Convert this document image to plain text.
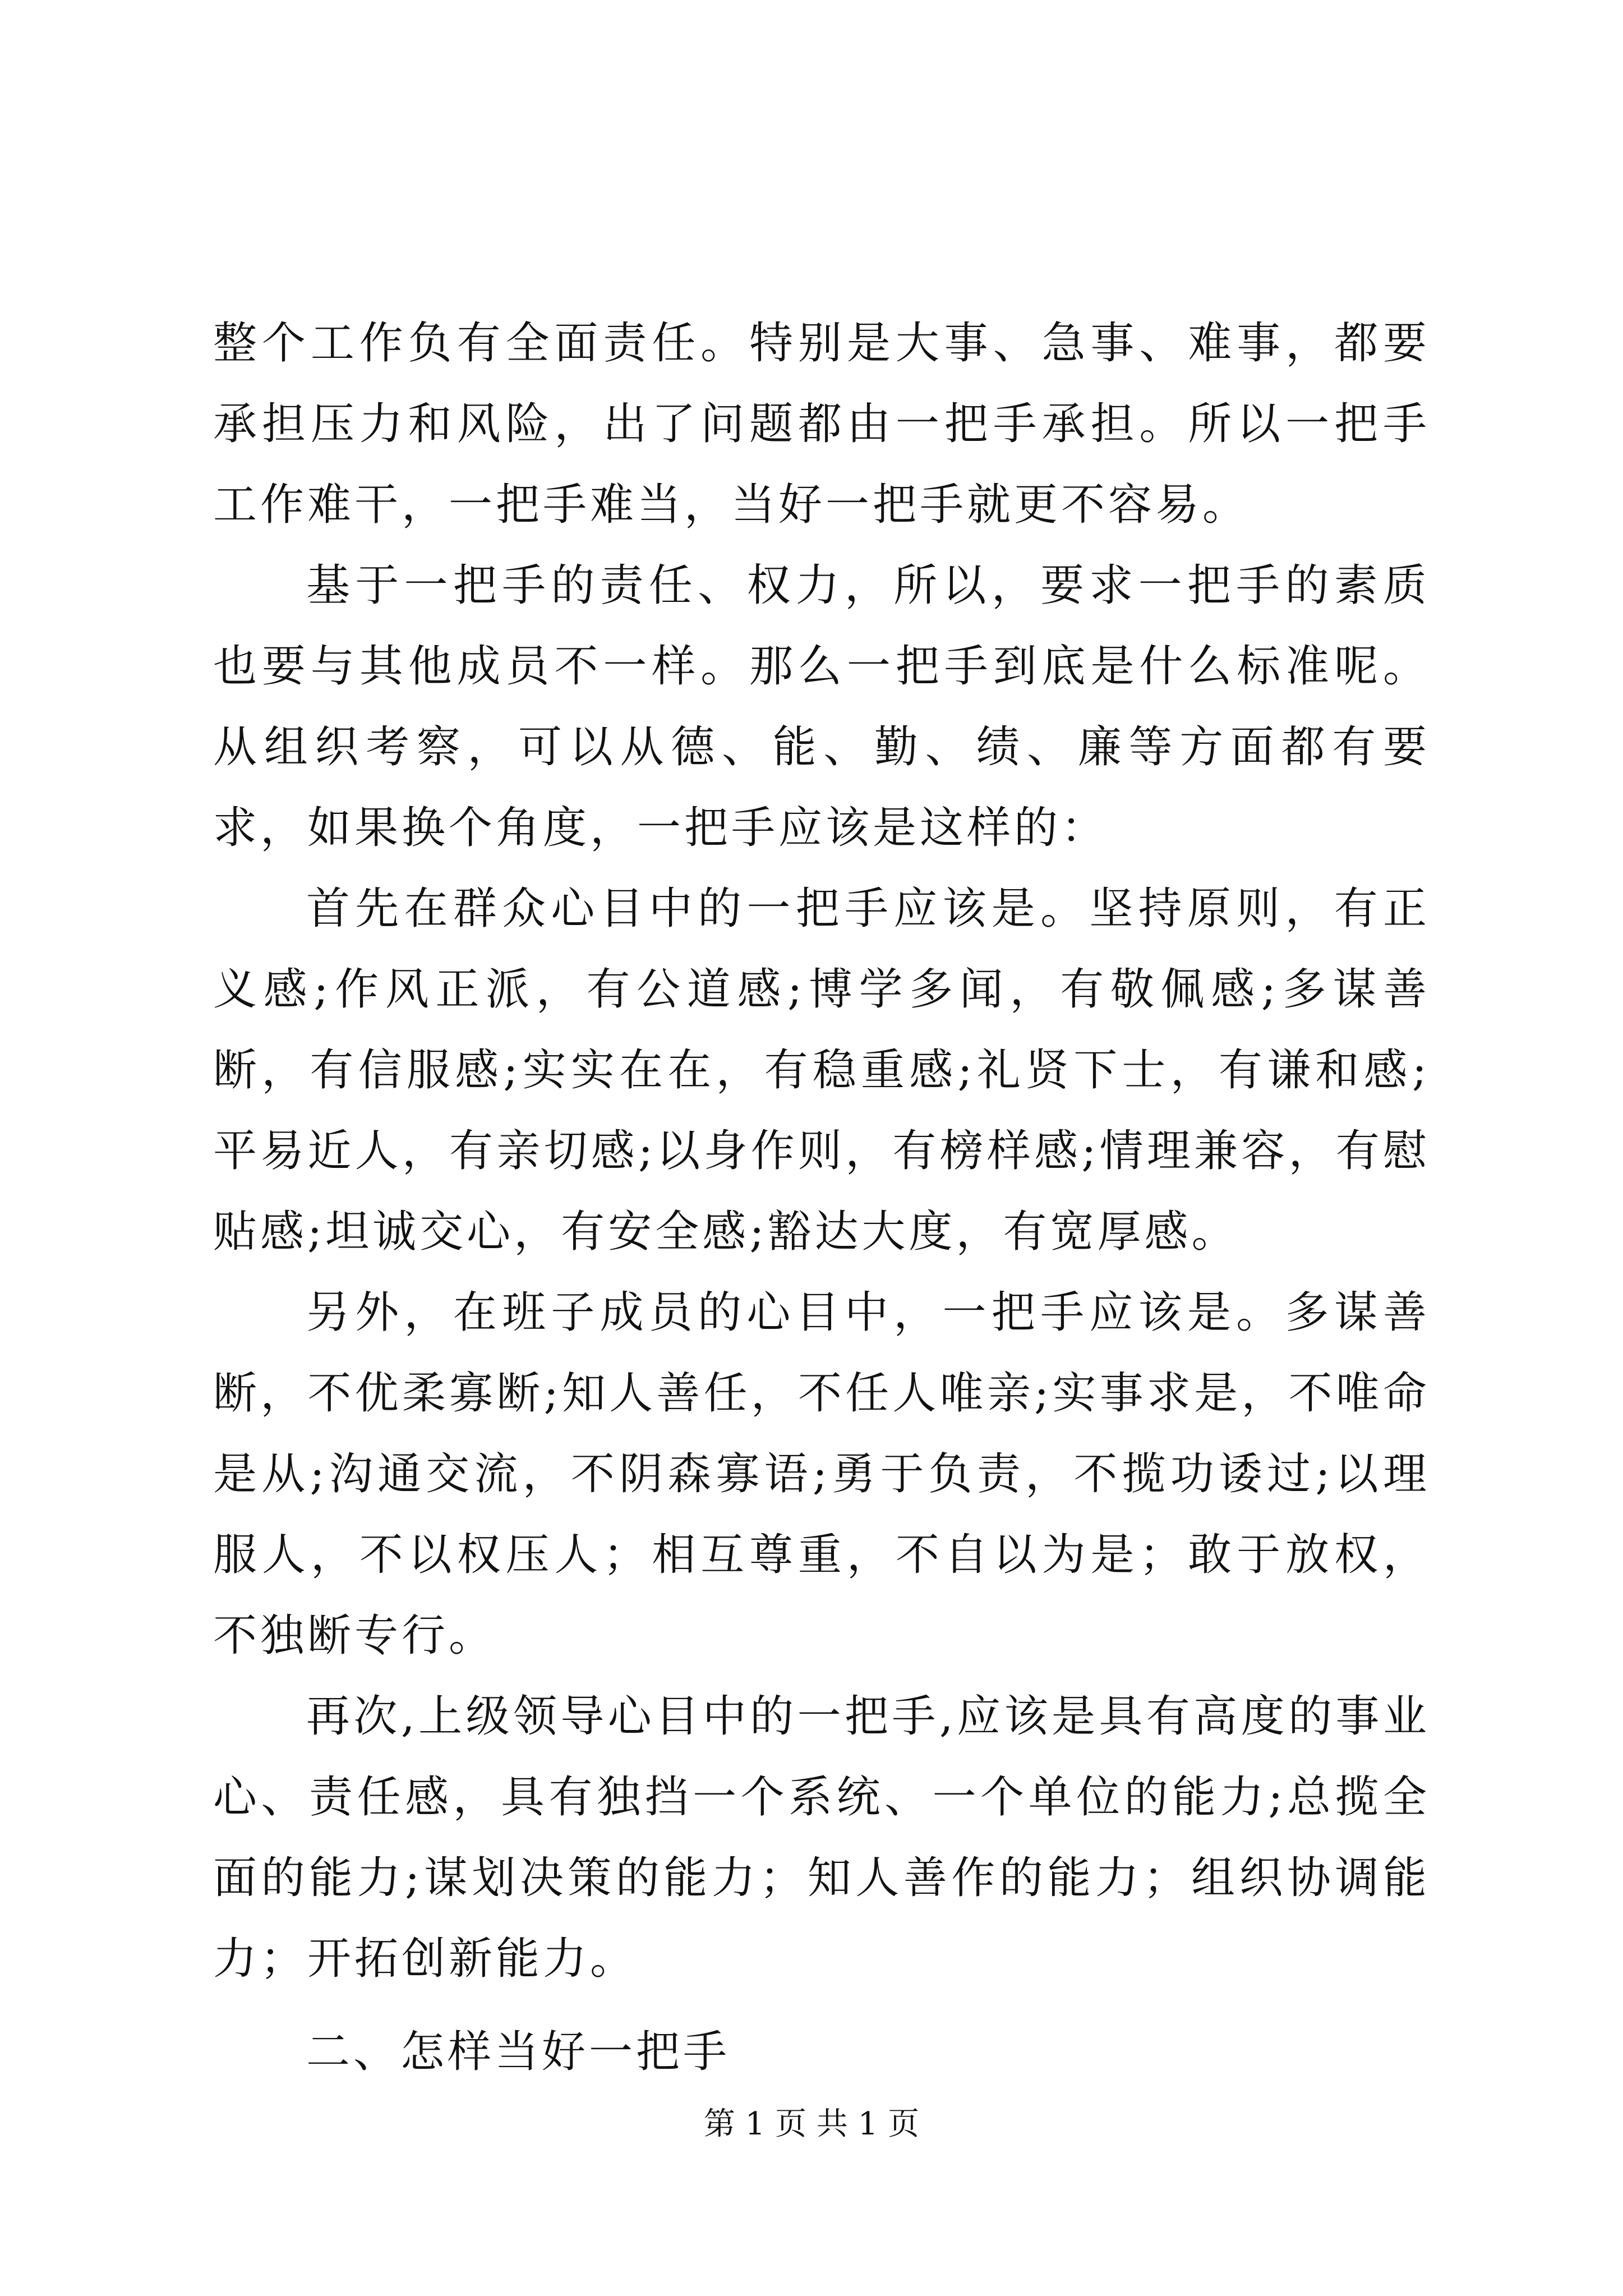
整个工作负有全面责任。特别是大事、急事、难事，都要承担压力和风险，出了问题都由一把手承担。所以一把手工作难干，一把手难当，当好一把手就更不容易。

基于一把手的责任、权力，所以，要求一把手的素质也要与其他成员不一样。那么一把手到底是什么标准呢。从组织考察，可以从德、能、勤、绩、廉等方面都有要求，如果换个角度，一把手应该是这样的：

首先在群众心目中的一把手应该是。坚持原则，有正义感;作风正派，有公道感;博学多闻，有敬佩感;多谋善断，有信服感;实实在在，有稳重感;礼贤下士，有谦和感;平易近人，有亲切感;以身作则，有榜样感;情理兼容，有慰贴感;坦诚交心，有安全感;豁达大度，有宽厚感。

另外，在班子成员的心目中，一把手应该是。多谋善断，不优柔寡断;知人善任，不任人唯亲;实事求是，不唯命是从;沟通交流，不阴森寡语;勇于负责，不揽功诿过;以理服人，不以权压人；相互尊重，不自以为是；敢于放权，不独断专行。

再次,上级领导心目中的一把手,应该是具有高度的事业心、责任感，具有独挡一个系统、一个单位的能力;总揽全面的能力;谋划决策的能力；知人善作的能力；组织协调能力；开拓创新能力。

二、怎样当好一把手

第 1 页 共 1 页
